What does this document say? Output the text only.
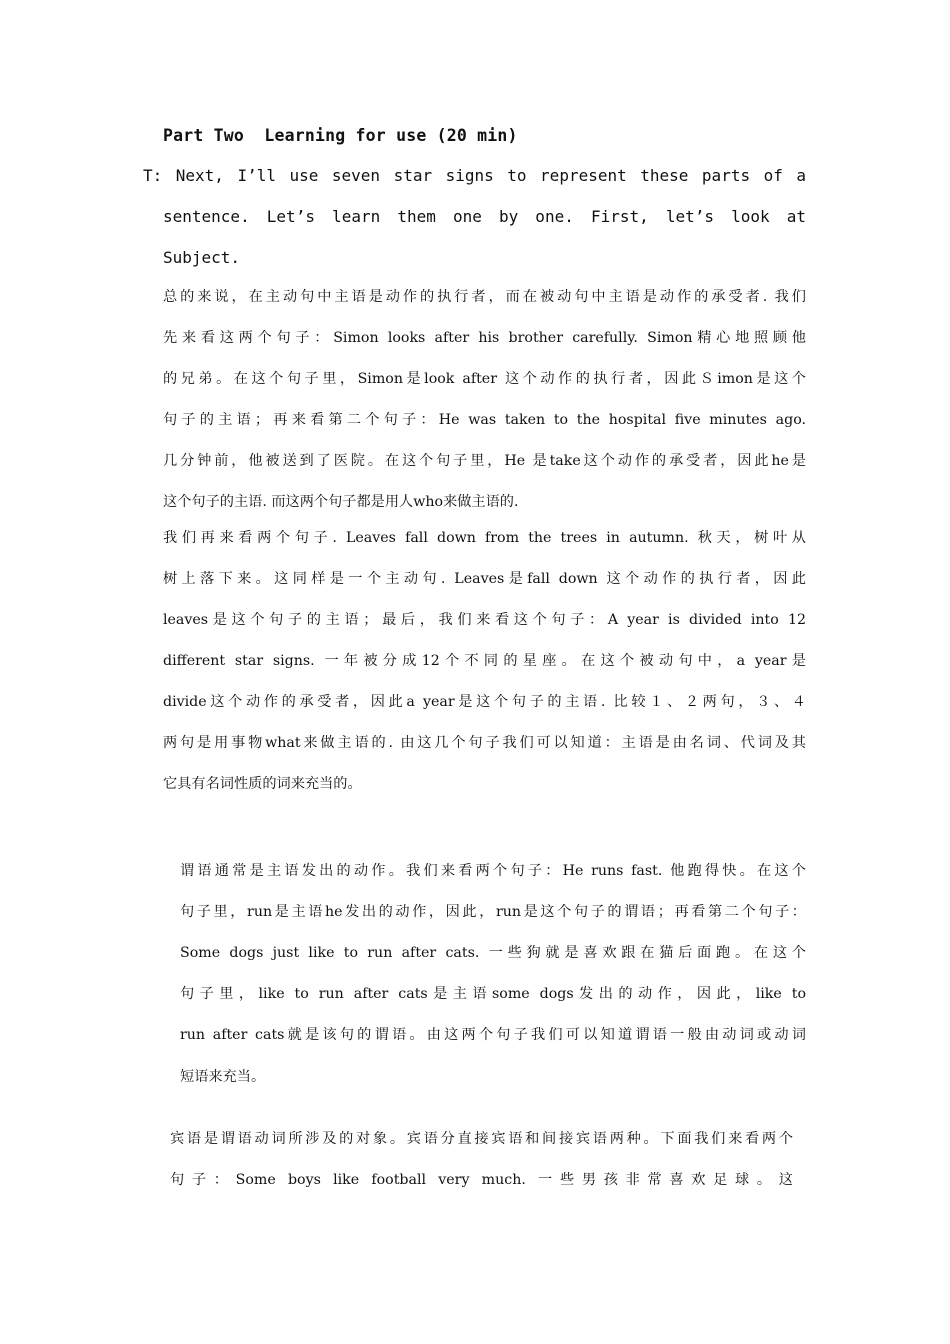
Part Two  Learning for use (20 min)
T: Next, I’ll use seven star signs to represent these parts of a
sentence. Let’s learn them one by one. First, let’s look at
Subject.
总的来说，在主动句中主语是动作的执行者，而在被动句中主语是动作的承受者. 我们
先来看这两个句子：Simon looks after his brother carefully. Simon精心地照顾他
的兄弟。在这个句子里，Simon是look after 这个动作的执行者，因此Ｓimon是这个
句子的主语；再来看第二个句子：He was taken to the hospital five minutes ago.
几分钟前，他被送到了医院。在这个句子里，He 是take这个动作的承受者，因此he是
这个句子的主语. 而这两个句子都是用人who来做主语的.
我们再来看两个句子. Leaves fall down from the trees in autumn. 秋天，树叶从
树上落下来。这同样是一个主动句. Leaves是fall down 这个动作的执行者，因此
leaves是这个句子的主语；最后，我们来看这个句子：A year is divided into 12
different star signs. 一年被分成12个不同的星座。在这个被动句中，a year是
divide这个动作的承受者，因此a year是这个句子的主语. 比较１、２两句，３、４
两句是用事物what来做主语的. 由这几个句子我们可以知道：主语是由名词、代词及其
它具有名词性质的词来充当的。
谓语通常是主语发出的动作。我们来看两个句子：He runs fast. 他跑得快。在这个
句子里，run是主语he发出的动作，因此，run是这个句子的谓语；再看第二个句子：
Some dogs just like to run after cats. 一些狗就是喜欢跟在猫后面跑。在这个
句子里，like to run after cats是主语some dogs发出的动作，因此，like to
run after cats就是该句的谓语。由这两个句子我们可以知道谓语一般由动词或动词
短语来充当。
宾语是谓语动词所涉及的对象。宾语分直接宾语和间接宾语两种。下面我们来看两个
句子：Some boys like football very much. 一些男孩非常喜欢足球。这
